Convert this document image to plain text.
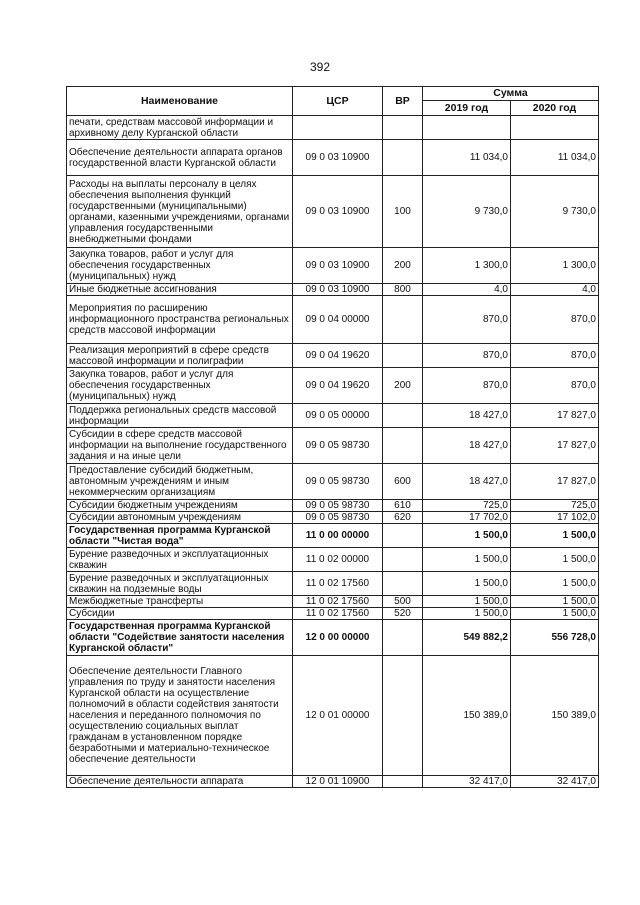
392
Наименование	ЦСР	ВР	Сумма	
			2019 год	2020 год
печати, средствам массовой информации и архивному делу Курганской области				
Обеспечение деятельности аппарата органов государственной власти Курганской области	09 0 03 10900		11 034,0	11 034,0
Расходы на выплаты персоналу в целях обеспечения выполнения функций государственными (муниципальными) органами, казенными учреждениями, органами управления государственными внебюджетными фондами	09 0 03 10900	100	9 730,0	9 730,0
Закупка товаров, работ и услуг для обеспечения государственных (муниципальных) нужд	09 0 03 10900	200	1 300,0	1 300,0
Иные бюджетные ассигнования	09 0 03 10900	800	4,0	4,0
Мероприятия по расширению информационного пространства региональных средств массовой информации	09 0 04 00000		870,0	870,0
Реализация мероприятий в сфере средств массовой информации и полиграфии	09 0 04 19620		870,0	870,0
Закупка товаров, работ и услуг для обеспечения государственных (муниципальных) нужд	09 0 04 19620	200	870,0	870,0
Поддержка региональных средств массовой информации	09 0 05 00000		18 427,0	17 827,0
Субсидии в сфере средств массовой информации на выполнение государственного задания и на иные цели	09 0 05 98730		18 427,0	17 827,0
Предоставление субсидий бюджетным, автономным учреждениям и иным некоммерческим организациям	09 0 05 98730	600	18 427,0	17 827,0
Субсидии бюджетным учреждениям	09 0 05 98730	610	725,0	725,0
Субсидии автономным учреждениям	09 0 05 98730	620	17 702,0	17 102,0
Государственная программа Курганской области "Чистая вода"	11 0 00 00000		1 500,0	1 500,0
Бурение разведочных и эксплуатационных скважин	11 0 02 00000		1 500,0	1 500,0
Бурение разведочных и эксплуатационных скважин на подземные воды	11 0 02 17560		1 500,0	1 500,0
Межбюджетные трансферты	11 0 02 17560	500	1 500,0	1 500,0
Субсидии	11 0 02 17560	520	1 500,0	1 500,0
Государственная программа Курганской области "Содействие занятости населения Курганской области"	12 0 00 00000		549 882,2	556 728,0
Обеспечение деятельности Главного управления по труду и занятости населения Курганской области на осуществление полномочий в области содействия занятости населения и переданного полномочия по осуществлению социальных выплат гражданам в установленном порядке безработными и материально-техническое обеспечение деятельности	12 0 01 00000		150 389,0	150 389,0
Обеспечение деятельности аппарата	12 0 01 10900		32 417,0	32 417,0
